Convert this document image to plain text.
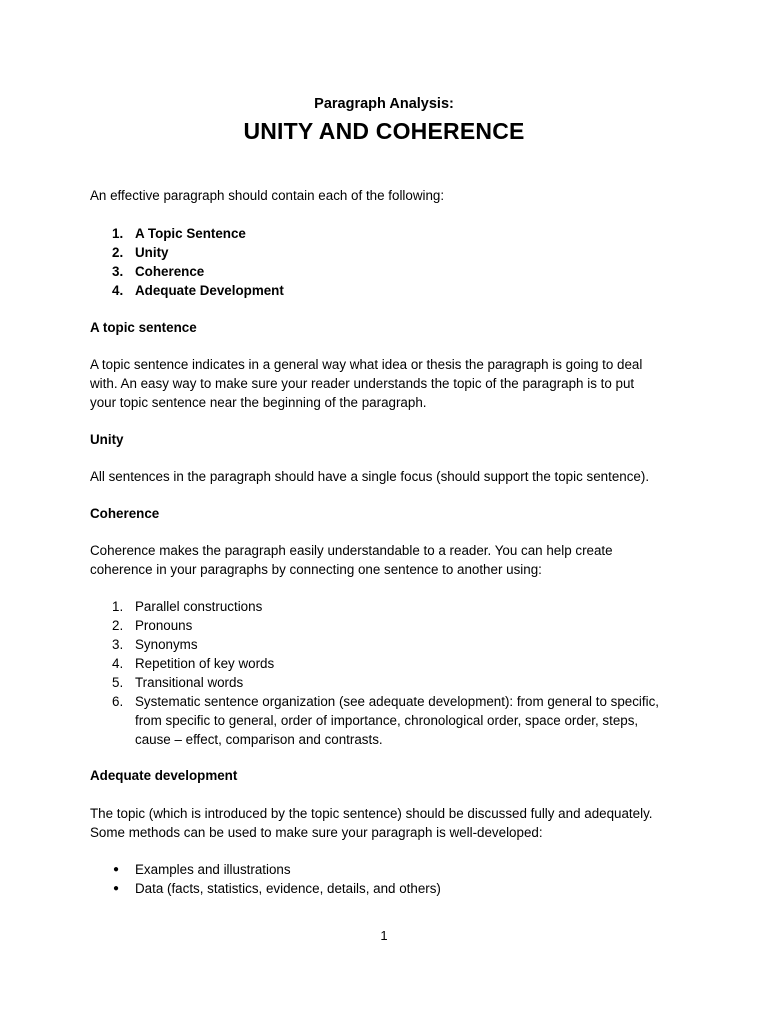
Paragraph Analysis:

UNITY AND COHERENCE

An effective paragraph should contain each of the following:

1. A Topic Sentence
2. Unity
3. Coherence
4. Adequate Development

A topic sentence

A topic sentence indicates in a general way what idea or thesis the paragraph is going to deal
with. An easy way to make sure your reader understands the topic of the paragraph is to put
your topic sentence near the beginning of the paragraph.

Unity

All sentences in the paragraph should have a single focus (should support the topic sentence).

Coherence

Coherence makes the paragraph easily understandable to a reader. You can help create
coherence in your paragraphs by connecting one sentence to another using:
1. Parallel constructions
2. Pronouns
3. Synonyms
4. Repetition of key words
5. Transitional words
6. Systematic sentence organization (see adequate development): from general to specific,
from specific to general, order of importance, chronological order, space order, steps,
cause – effect, comparison and contrasts.

Adequate development

The topic (which is introduced by the topic sentence) should be discussed fully and adequately.
Some methods can be used to make sure your paragraph is well-developed:
● Examples and illustrations
● Data (facts, statistics, evidence, details, and others)

1
